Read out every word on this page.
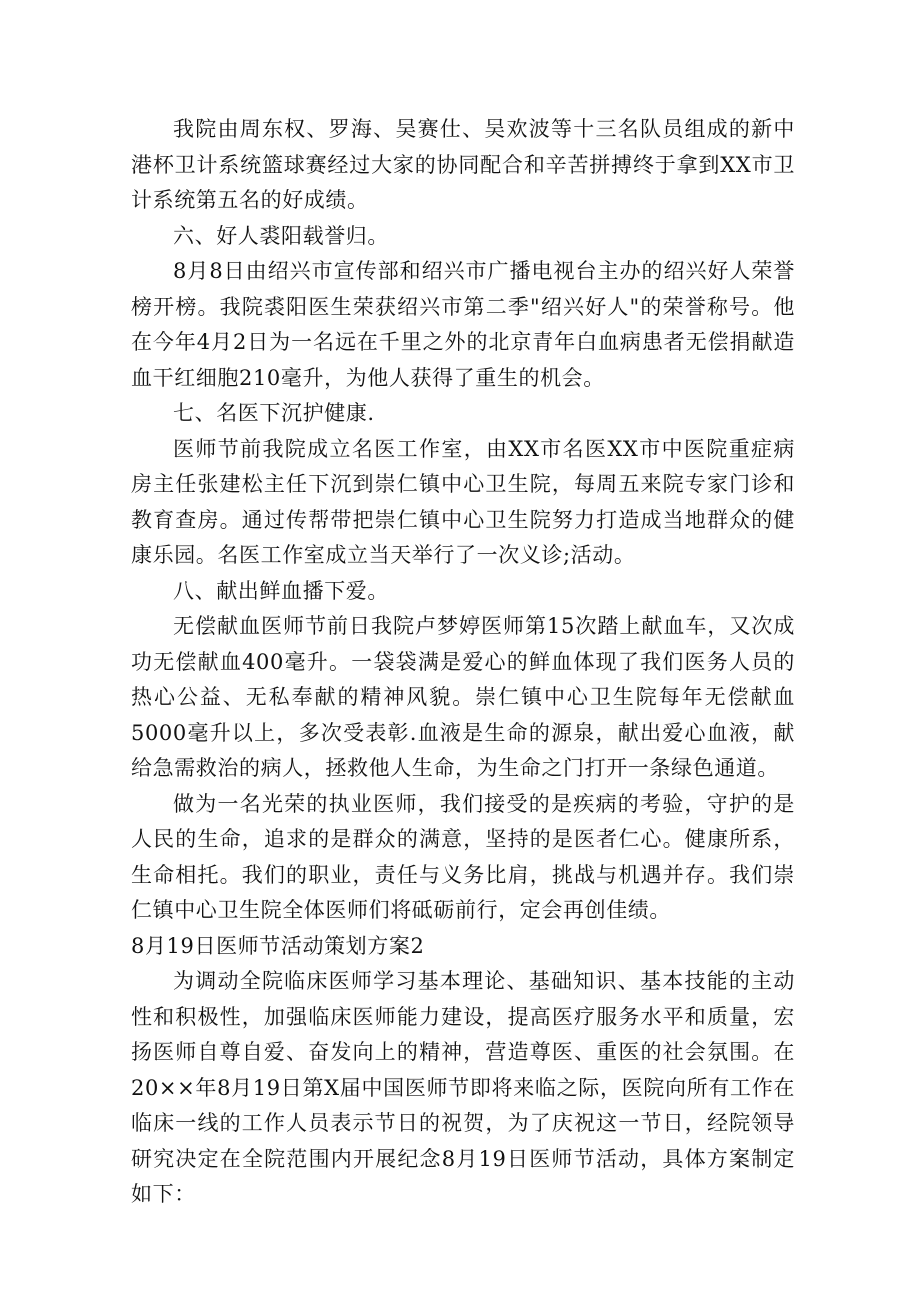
我院由周东权、罗海、吴赛仕、吴欢波等十三名队员组成的新中港杯卫计系统篮球赛经过大家的协同配合和辛苦拼搏终于拿到XX市卫计系统第五名的好成绩。

六、好人裘阳载誉归。

8月8日由绍兴市宣传部和绍兴市广播电视台主办的绍兴好人荣誉榜开榜。我院裘阳医生荣获绍兴市第二季"绍兴好人"的荣誉称号。他在今年4月2日为一名远在千里之外的北京青年白血病患者无偿捐献造血干红细胞210毫升，为他人获得了重生的机会。

七、名医下沉护健康.

医师节前我院成立名医工作室，由XX市名医XX市中医院重症病房主任张建松主任下沉到崇仁镇中心卫生院，每周五来院专家门诊和教育查房。通过传帮带把崇仁镇中心卫生院努力打造成当地群众的健康乐园。名医工作室成立当天举行了一次义诊;活动。

八、献出鲜血播下爱。

无偿献血医师节前日我院卢梦婷医师第15次踏上献血车，又次成功无偿献血400毫升。一袋袋满是爱心的鲜血体现了我们医务人员的热心公益、无私奉献的精神风貌。崇仁镇中心卫生院每年无偿献血5000毫升以上，多次受表彰.血液是生命的源泉，献出爱心血液，献给急需救治的病人，拯救他人生命，为生命之门打开一条绿色通道。

做为一名光荣的执业医师，我们接受的是疾病的考验，守护的是人民的生命，追求的是群众的满意，坚持的是医者仁心。健康所系，生命相托。我们的职业，责任与义务比肩，挑战与机遇并存。我们崇仁镇中心卫生院全体医师们将砥砺前行，定会再创佳绩。

8月19日医师节活动策划方案2

为调动全院临床医师学习基本理论、基础知识、基本技能的主动性和积极性，加强临床医师能力建设，提高医疗服务水平和质量，宏扬医师自尊自爱、奋发向上的精神，营造尊医、重医的社会氛围。在20××年8月19日第X届中国医师节即将来临之际，医院向所有工作在临床一线的工作人员表示节日的祝贺，为了庆祝这一节日，经院领导研究决定在全院范围内开展纪念8月19日医师节活动，具体方案制定如下：
